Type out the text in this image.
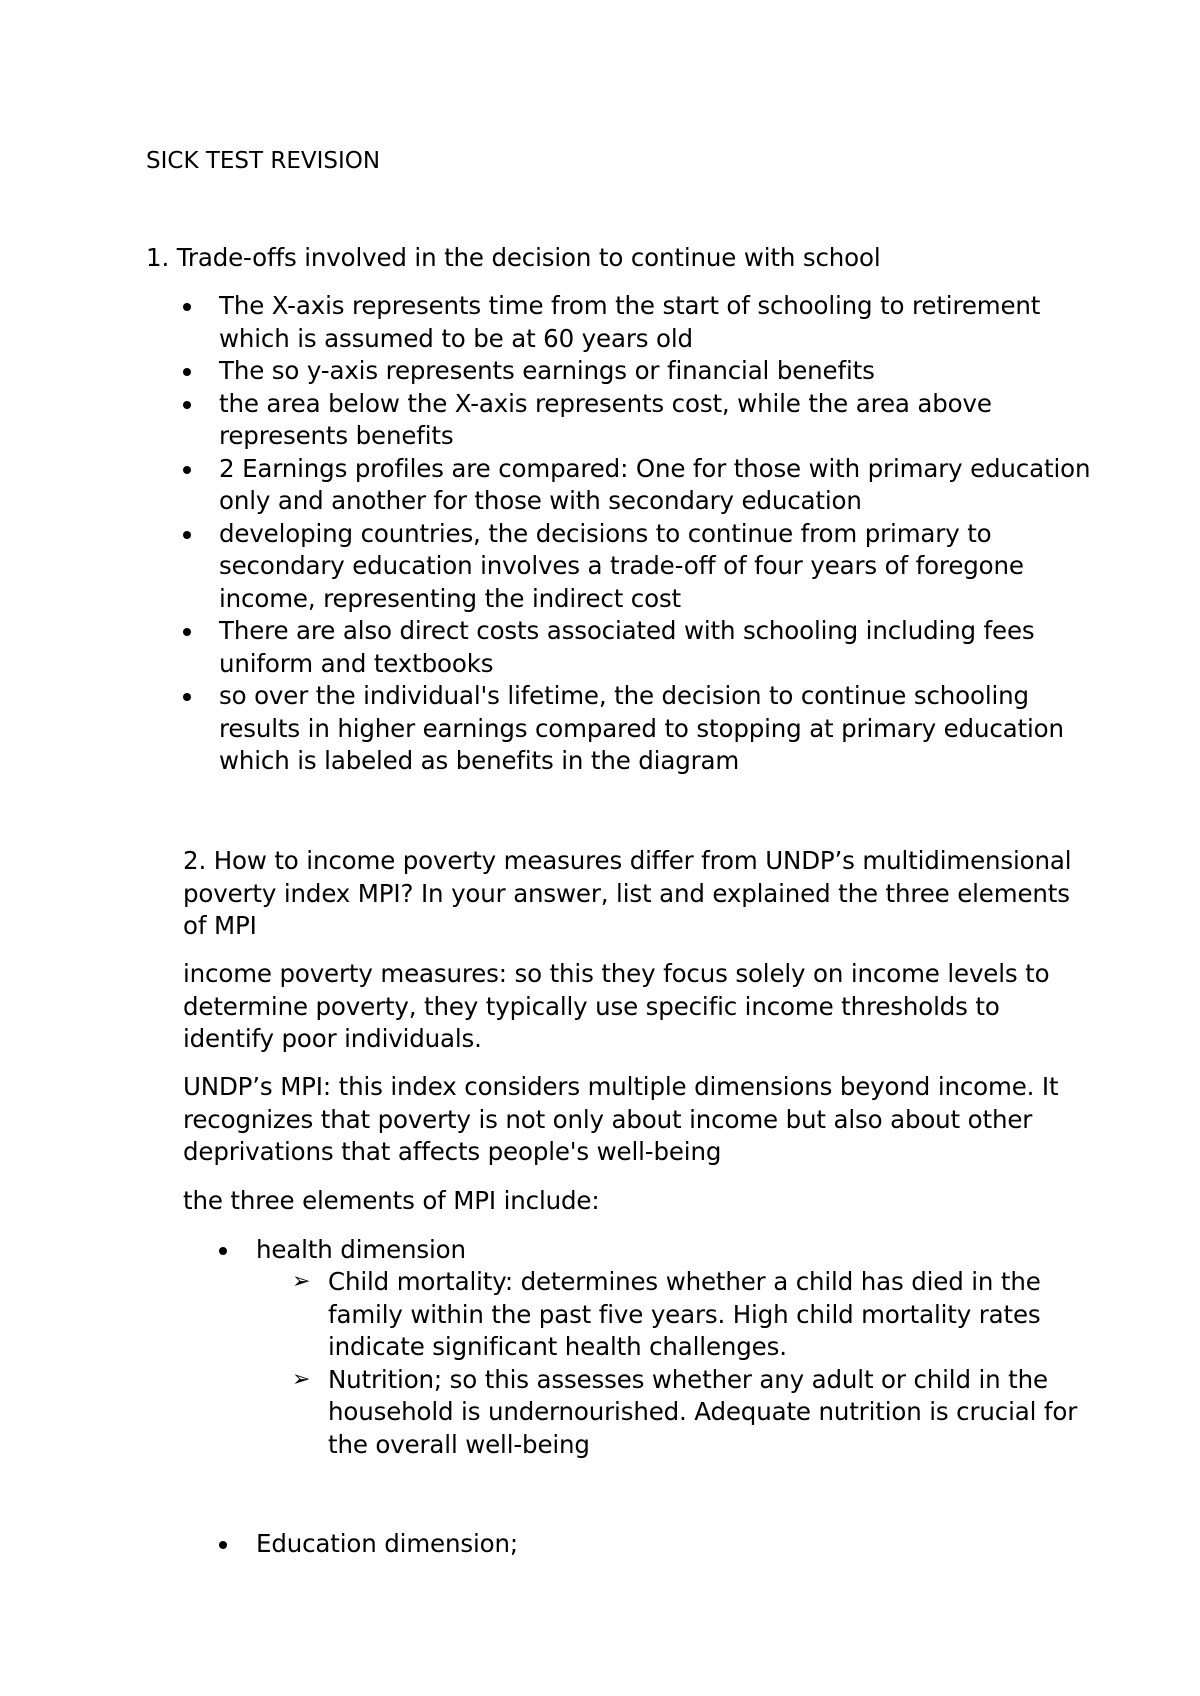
SICK TEST REVISION
1. Trade-offs involved in the decision to continue with school
The X-axis represents time from the start of schooling to retirement which is assumed to be at 60 years old
The so y-axis represents earnings or financial benefits
the area below the X-axis represents cost, while the area above represents benefits
2 Earnings profiles are compared: One for those with primary education only and another for those with secondary education
developing countries, the decisions to continue from primary to secondary education involves a trade-off of four years of foregone income, representing the indirect cost
There are also direct costs associated with schooling including fees uniform and textbooks
so over the individual's lifetime, the decision to continue schooling results in higher earnings compared to stopping at primary education which is labeled as benefits in the diagram
2. How to income poverty measures differ from UNDP’s multidimensional poverty index MPI? In your answer, list and explained the three elements of MPI
income poverty measures: so this they focus solely on income levels to determine poverty, they typically use specific income thresholds to identify poor individuals.
UNDP’s MPI: this index considers multiple dimensions beyond income. It recognizes that poverty is not only about income but also about other deprivations that affects people's well-being
the three elements of MPI include:
health dimension
➢ Child mortality: determines whether a child has died in the family within the past five years. High child mortality rates indicate significant health challenges.
➢ Nutrition; so this assesses whether any adult or child in the household is undernourished. Adequate nutrition is crucial for the overall well-being
Education dimension;
